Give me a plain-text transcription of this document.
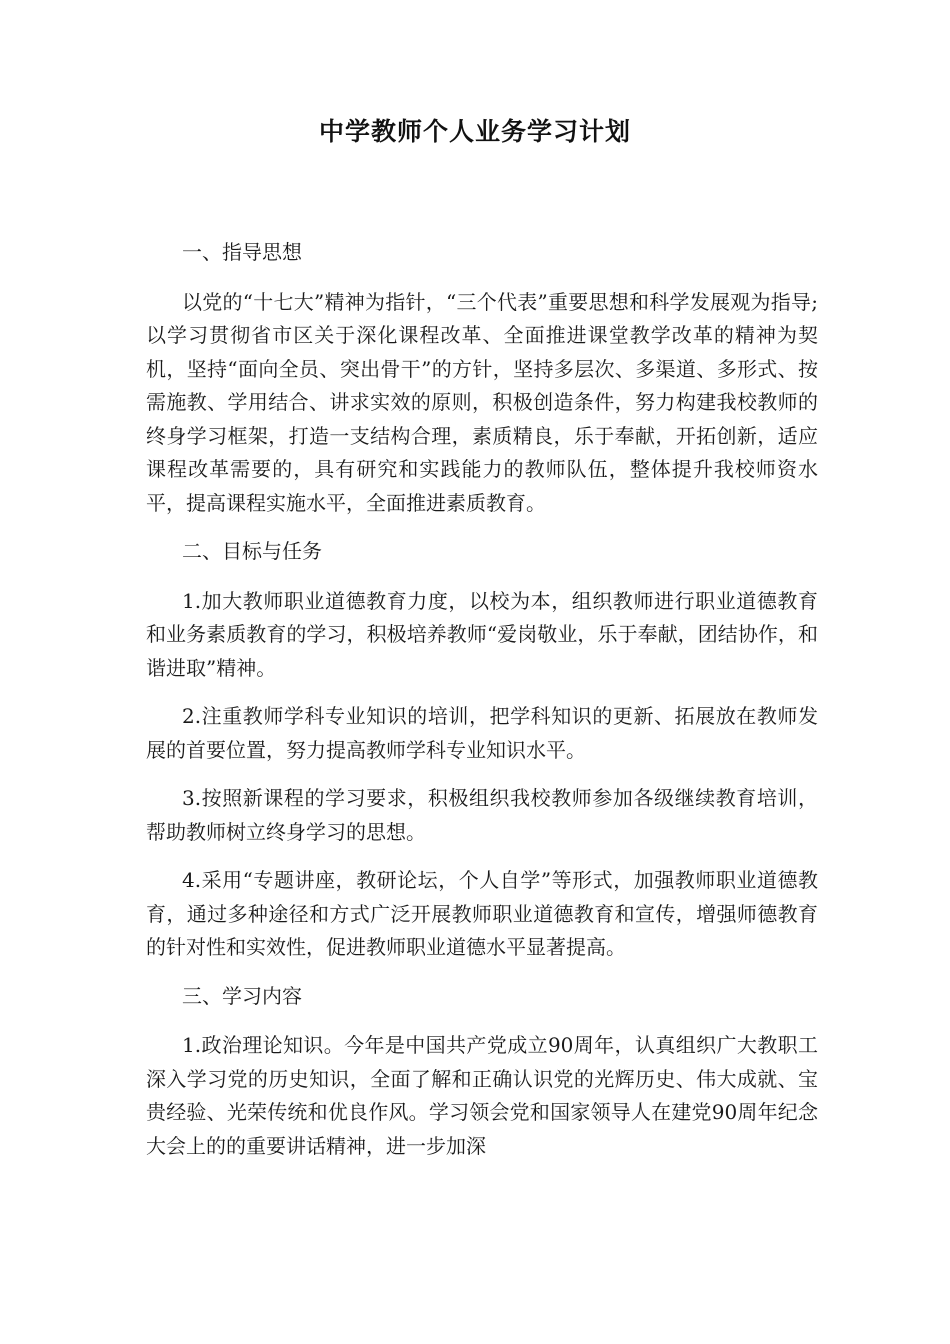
中学教师个人业务学习计划

一、指导思想

以党的“十七大”精神为指针，“三个代表”重要思想和科学发展观为指导;以学习贯彻省市区关于深化课程改革、全面推进课堂教学改革的精神为契机，坚持“面向全员、突出骨干”的方针，坚持多层次、多渠道、多形式、按需施教、学用结合、讲求实效的原则，积极创造条件，努力构建我校教师的终身学习框架，打造一支结构合理，素质精良，乐于奉献，开拓创新，适应课程改革需要的，具有研究和实践能力的教师队伍，整体提升我校师资水平，提高课程实施水平，全面推进素质教育。

二、目标与任务

1.加大教师职业道德教育力度，以校为本，组织教师进行职业道德教育和业务素质教育的学习，积极培养教师“爱岗敬业，乐于奉献，团结协作，和谐进取”精神。

2.注重教师学科专业知识的培训，把学科知识的更新、拓展放在教师发展的首要位置，努力提高教师学科专业知识水平。

3.按照新课程的学习要求，积极组织我校教师参加各级继续教育培训，帮助教师树立终身学习的思想。

4.采用“专题讲座，教研论坛，个人自学”等形式，加强教师职业道德教育，通过多种途径和方式广泛开展教师职业道德教育和宣传，增强师德教育的针对性和实效性，促进教师职业道德水平显著提高。

三、学习内容

1.政治理论知识。今年是中国共产党成立90周年，认真组织广大教职工深入学习党的历史知识，全面了解和正确认识党的光辉历史、伟大成就、宝贵经验、光荣传统和优良作风。学习领会党和国家领导人在建党90周年纪念大会上的的重要讲话精神，进一步加深
